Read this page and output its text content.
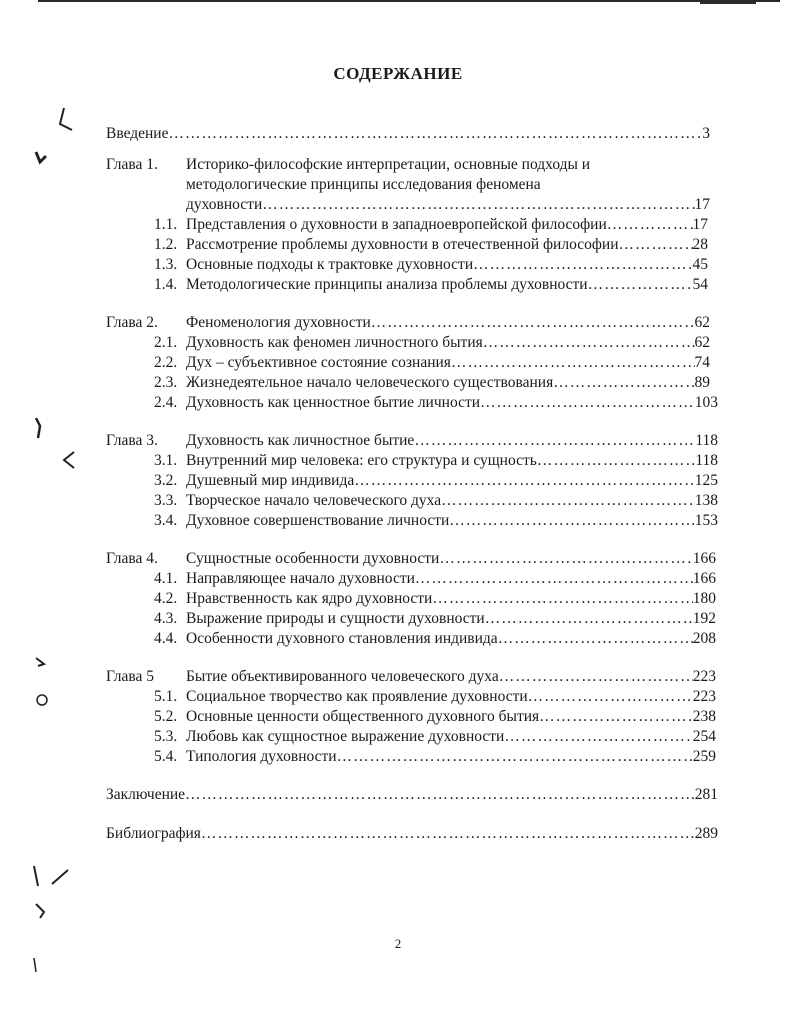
СОДЕРЖАНИЕ
Введение ……………………………………………………………………………………………………………………………………………	3
Глава 1. Историко-философские интерпретации, основные подходы и
методологические принципы исследования феномена
духовности ……………………………………………………………………………………………………………………………………………	17
1.1. Представления о духовности в западноевропейской философии ……………………………………………………………………………………………………………………………………………	17
1.2. Рассмотрение проблемы духовности в отечественной философии ……………………………………………………………………………………………………………………………………………	28
1.3. Основные подходы к трактовке духовности ……………………………………………………………………………………………………………………………………………	45
1.4. Методологические принципы анализа проблемы духовности ……………………………………………………………………………………………………………………………………………	54
Глава 2.	Феноменология духовности ……………………………………………………………………………………………………………………………………………	62
2.1. Духовность как феномен личностного бытия ……………………………………………………………………………………………………………………………………………	62
2.2. Дух – субъективное состояние сознания ……………………………………………………………………………………………………………………………………………	74
2.3. Жизнедеятельное начало человеческого существования ……………………………………………………………………………………………………………………………………………	89
2.4. Духовность как ценностное бытие личности ……………………………………………………………………………………………………………………………………………	103
Глава 3.	Духовность как личностное бытие ……………………………………………………………………………………………………………………………………………	118
3.1. Внутренний мир человека: его структура и сущность ……………………………………………………………………………………………………………………………………………	118
3.2. Душевный мир индивида ……………………………………………………………………………………………………………………………………………	125
3.3. Творческое начало человеческого духа ……………………………………………………………………………………………………………………………………………	138
3.4. Духовное совершенствование личности ……………………………………………………………………………………………………………………………………………	153
Глава 4.	Сущностные особенности духовности ……………………………………………………………………………………………………………………………………………	166
4.1. Направляющее начало духовности ……………………………………………………………………………………………………………………………………………	166
4.2. Нравственность как ядро духовности ……………………………………………………………………………………………………………………………………………	180
4.3. Выражение природы и сущности духовности ……………………………………………………………………………………………………………………………………………	192
4.4. Особенности духовного становления индивида ……………………………………………………………………………………………………………………………………………	208
Глава 5	Бытие объективированного человеческого духа ……………………………………………………………………………………………………………………………………………	223
5.1. Социальное творчество как проявление духовности ……………………………………………………………………………………………………………………………………………	223
5.2. Основные ценности общественного духовного бытия ……………………………………………………………………………………………………………………………………………	238
5.3. Любовь как сущностное выражение духовности ……………………………………………………………………………………………………………………………………………	254
5.4. Типология духовности ……………………………………………………………………………………………………………………………………………	259
Заключение ……………………………………………………………………………………………………………………………………………	281
Библиография ……………………………………………………………………………………………………………………………………………	289
2
